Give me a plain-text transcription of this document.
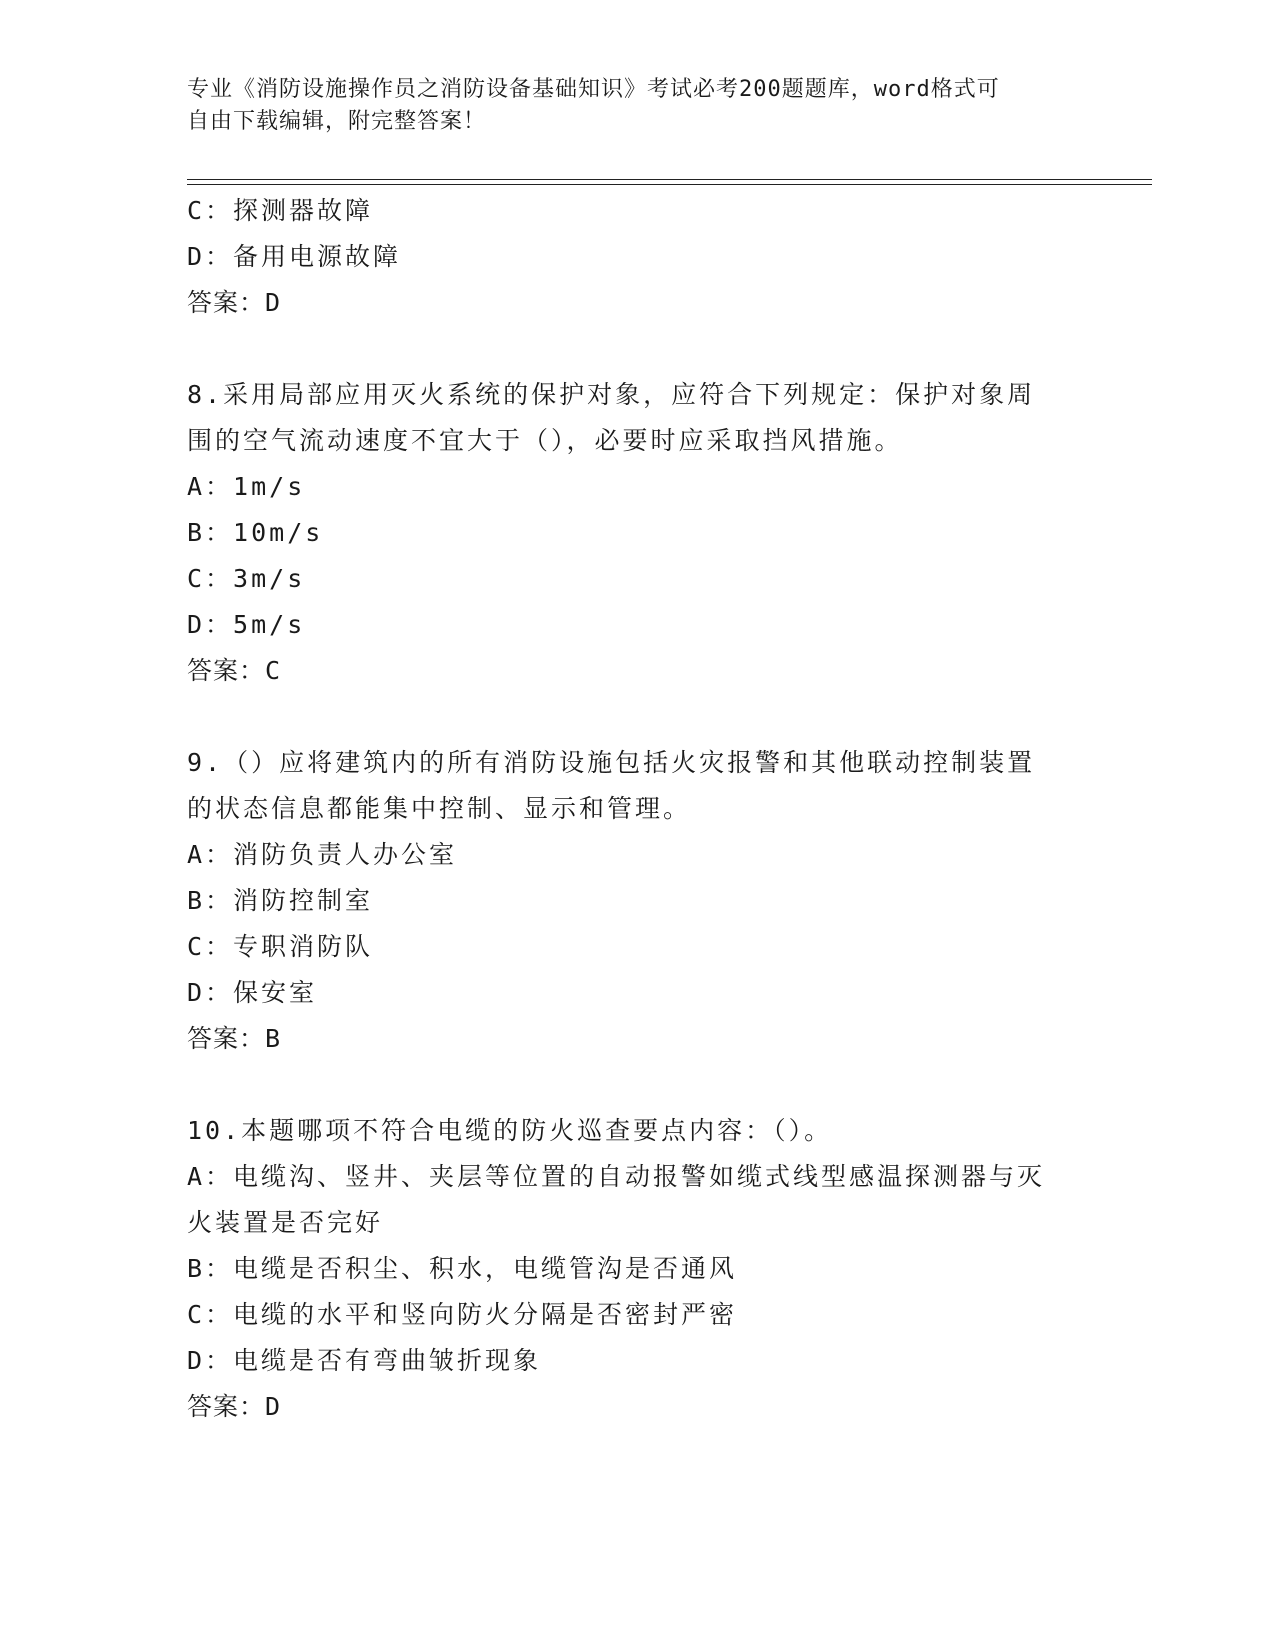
专业《消防设施操作员之消防设备基础知识》考试必考200题题库，word格式可
自由下载编辑，附完整答案！
C：探测器故障
D：备用电源故障
答案：D
8.采用局部应用灭火系统的保护对象，应符合下列规定：保护对象周
围的空气流动速度不宜大于（），必要时应采取挡风措施。
A：1m/s
B：10m/s
C：3m/s
D：5m/s
答案：C
9.（）应将建筑内的所有消防设施包括火灾报警和其他联动控制装置
的状态信息都能集中控制、显示和管理。
A：消防负责人办公室
B：消防控制室
C：专职消防队
D：保安室
答案：B
10.本题哪项不符合电缆的防火巡查要点内容：（）。
A：电缆沟、竖井、夹层等位置的自动报警如缆式线型感温探测器与灭
火装置是否完好
B：电缆是否积尘、积水，电缆管沟是否通风
C：电缆的水平和竖向防火分隔是否密封严密
D：电缆是否有弯曲皱折现象
答案：D
